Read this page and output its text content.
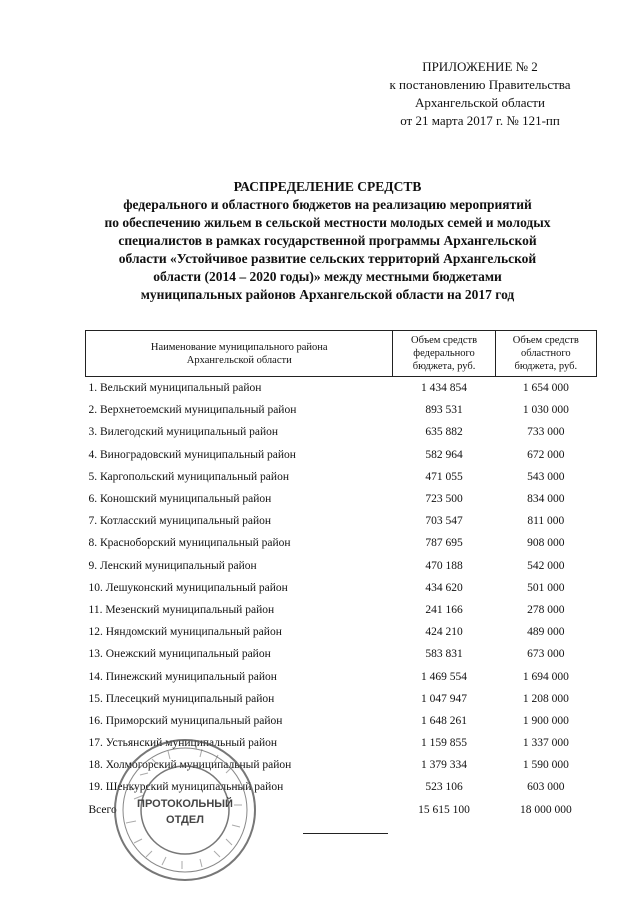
ПРИЛОЖЕНИЕ № 2
к постановлению Правительства
Архангельской области
от 21 марта 2017 г. № 121-пп
РАСПРЕДЕЛЕНИЕ СРЕДСТВ
федерального и областного бюджетов на реализацию мероприятий
по обеспечению жильем в сельской местности молодых семей и молодых
специалистов в рамках государственной программы Архангельской
области «Устойчивое развитие сельских территорий Архангельской
области (2014 – 2020 годы)» между местными бюджетами
муниципальных районов Архангельской области на 2017 год
Наименование муниципального района
Архангельской области	Объем средств
федерального
бюджета, руб.	Объем средств
областного
бюджета, руб.
1. Вельский муниципальный район	1 434 854	1 654 000
2. Верхнетоемский муниципальный район	893 531	1 030 000
3. Вилегодский муниципальный район	635 882	733 000
4. Виноградовский муниципальный район	582 964	672 000
5. Каргопольский муниципальный район	471 055	543 000
6. Коношский муниципальный район	723 500	834 000
7. Котласский муниципальный район	703 547	811 000
8. Красноборский муниципальный район	787 695	908 000
9. Ленский муниципальный район	470 188	542 000
10. Лешуконский муниципальный район	434 620	501 000
11. Мезенский муниципальный район	241 166	278 000
12. Няндомский муниципальный район	424 210	489 000
13. Онежский муниципальный район	583 831	673 000
14. Пинежский муниципальный район	1 469 554	1 694 000
15. Плесецкий муниципальный район	1 047 947	1 208 000
16. Приморский муниципальный район	1 648 261	1 900 000
17. Устьянский муниципальный район	1 159 855	1 337 000
18. Холмогорский муниципальный район	1 379 334	1 590 000
19. Шенкурский муниципальный район	523 106	603 000
Всего	15 615 100	18 000 000
ПРОТОКОЛЬНЫЙ ОТДЕЛ
